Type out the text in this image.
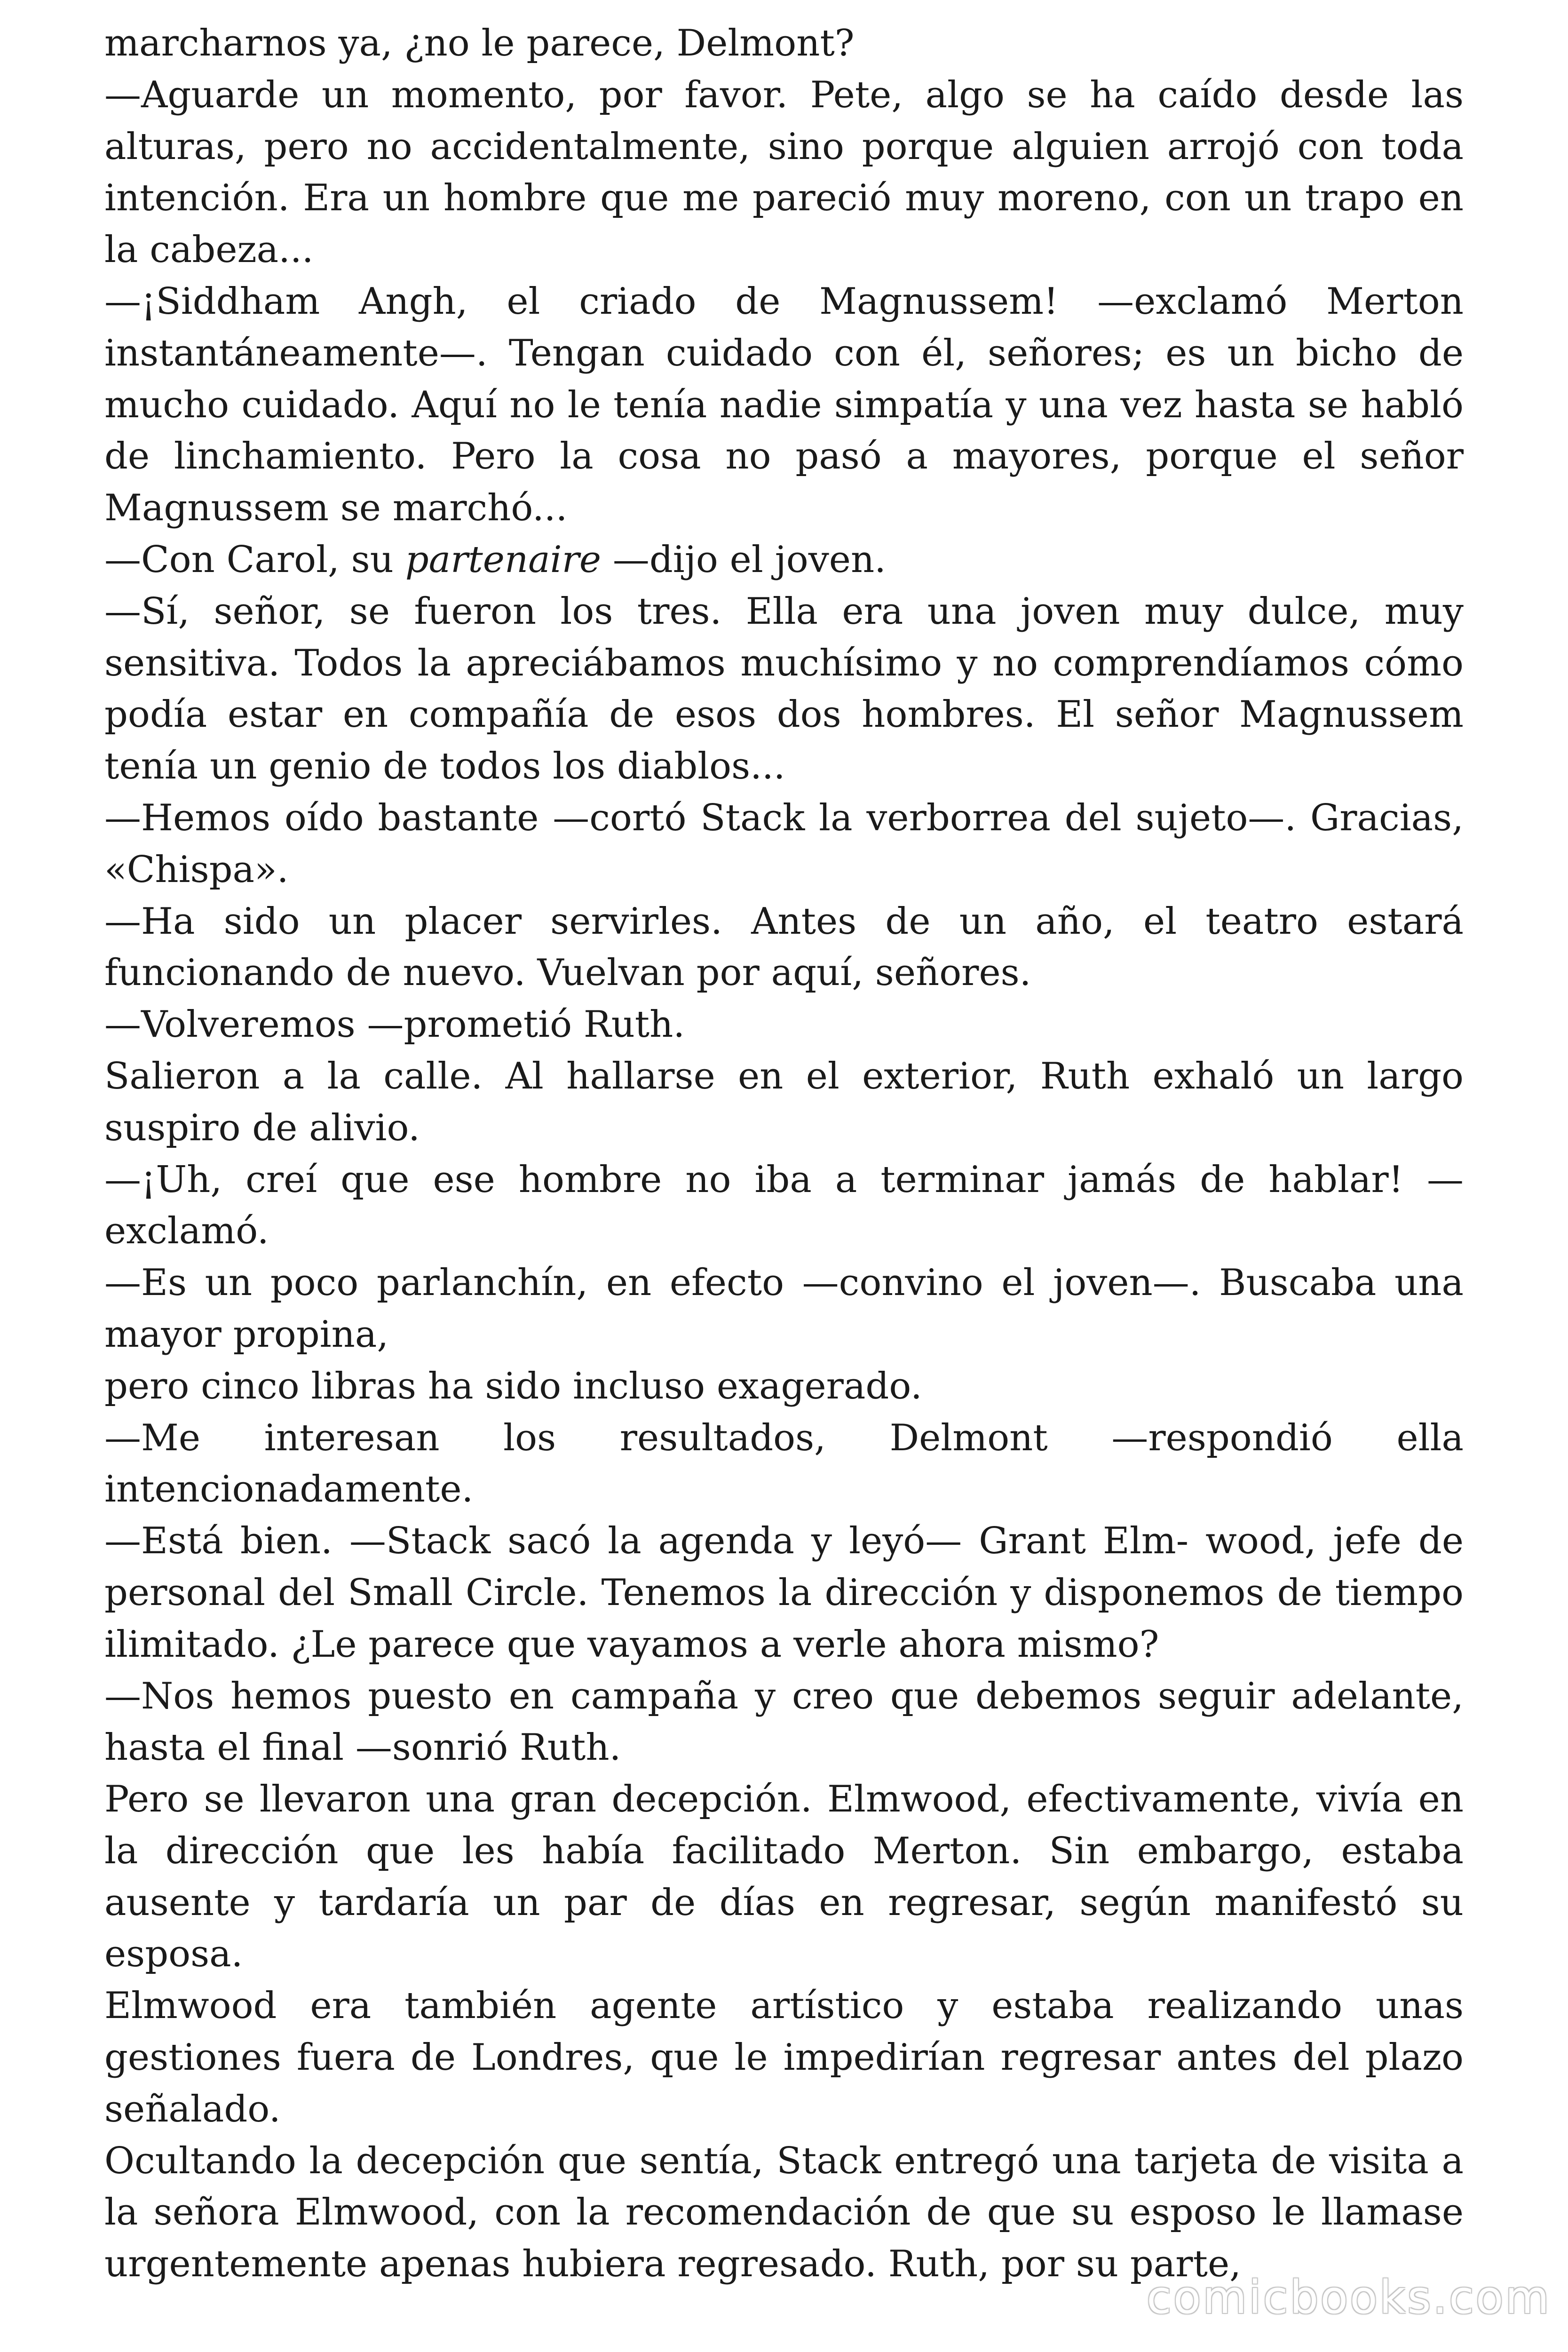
marcharnos ya, ¿no le parece, Delmont?

—Aguarde un momento, por favor. Pete, algo se ha caído desde las alturas, pero no accidentalmente, sino porque alguien arrojó con toda intención. Era un hombre que me pareció muy moreno, con un trapo en la cabeza...

—¡Siddham Angh, el criado de Magnussem! —exclamó Merton instantáneamente—. Tengan cuidado con él, señores; es un bicho de mucho cuidado. Aquí no le tenía nadie simpatía y una vez hasta se habló de linchamiento. Pero la cosa no pasó a mayores, porque el señor Magnussem se marchó...

—Con Carol, su partenaire —dijo el joven.

—Sí, señor, se fueron los tres. Ella era una joven muy dulce, muy sensitiva. Todos la apreciábamos muchísimo y no comprendíamos cómo podía estar en compañía de esos dos hombres. El señor Magnussem tenía un genio de todos los diablos...

—Hemos oído bastante —cortó Stack la verborrea del sujeto—. Gracias, «Chispa».

—Ha sido un placer servirles. Antes de un año, el teatro estará funcionando de nuevo. Vuelvan por aquí, señores.

—Volveremos —prometió Ruth.

Salieron a la calle. Al hallarse en el exterior, Ruth exhaló un largo suspiro de alivio.

—¡Uh, creí que ese hombre no iba a terminar jamás de hablar! —exclamó.

—Es un poco parlanchín, en efecto —convino el joven—. Buscaba una mayor propina,

pero cinco libras ha sido incluso exagerado.

—Me interesan los resultados, Delmont —respondió ella intencionadamente.

—Está bien. —Stack sacó la agenda y leyó— Grant Elm- wood, jefe de personal del Small Circle. Tenemos la dirección y disponemos de tiempo ilimitado. ¿Le parece que vayamos a verle ahora mismo?

—Nos hemos puesto en campaña y creo que debemos seguir adelante, hasta el final —sonrió Ruth.

Pero se llevaron una gran decepción. Elmwood, efectivamente, vivía en la dirección que les había facilitado Merton. Sin embargo, estaba ausente y tardaría un par de días en regresar, según manifestó su esposa.

Elmwood era también agente artístico y estaba realizando unas gestiones fuera de Londres, que le impedirían regresar antes del plazo señalado.

Ocultando la decepción que sentía, Stack entregó una tarjeta de visita a la señora Elmwood, con la recomendación de que su esposo le llamase urgentemente apenas hubiera regresado. Ruth, por su parte,

comicbooks.com
